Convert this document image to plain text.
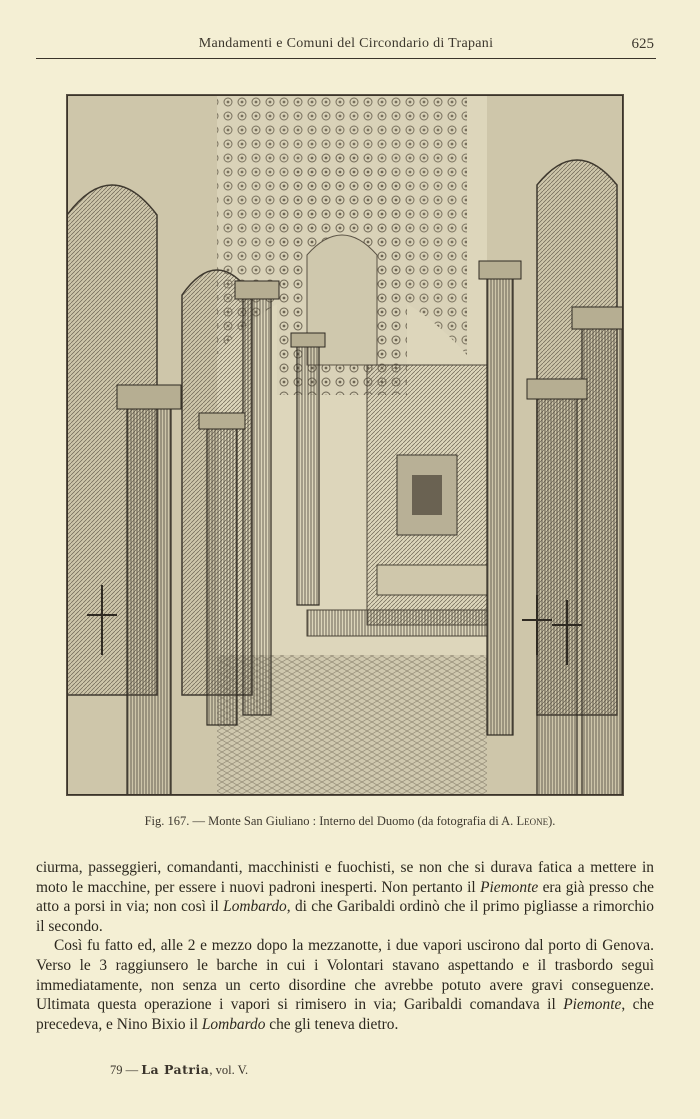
Mandamenti e Comuni del Circondario di Trapani	625
Fig. 167. — Monte San Giuliano : Interno del Duomo (da fotografia di A. Leone).

ciurma, passeggieri, comandanti, macchinisti e fuochisti, se non che si durava fatica a mettere in moto le macchine, per essere i nuovi padroni inesperti. Non pertanto il Piemonte era già presso che atto a porsi in via; non così il Lombardo, di che Garibaldi ordinò che il primo pigliasse a rimorchio il secondo.

Così fu fatto ed, alle 2 e mezzo dopo la mezzanotte, i due vapori uscirono dal porto di Genova. Verso le 3 raggiunsero le barche in cui i Volontari stavano aspettando e il trasbordo seguì immediatamente, non senza un certo disordine che avrebbe potuto avere gravi conseguenze. Ultimata questa operazione i vapori si rimisero in via; Garibaldi comandava il Piemonte, che precedeva, e Nino Bixio il Lombardo che gli teneva dietro.

79 — La Patria, vol. V.
